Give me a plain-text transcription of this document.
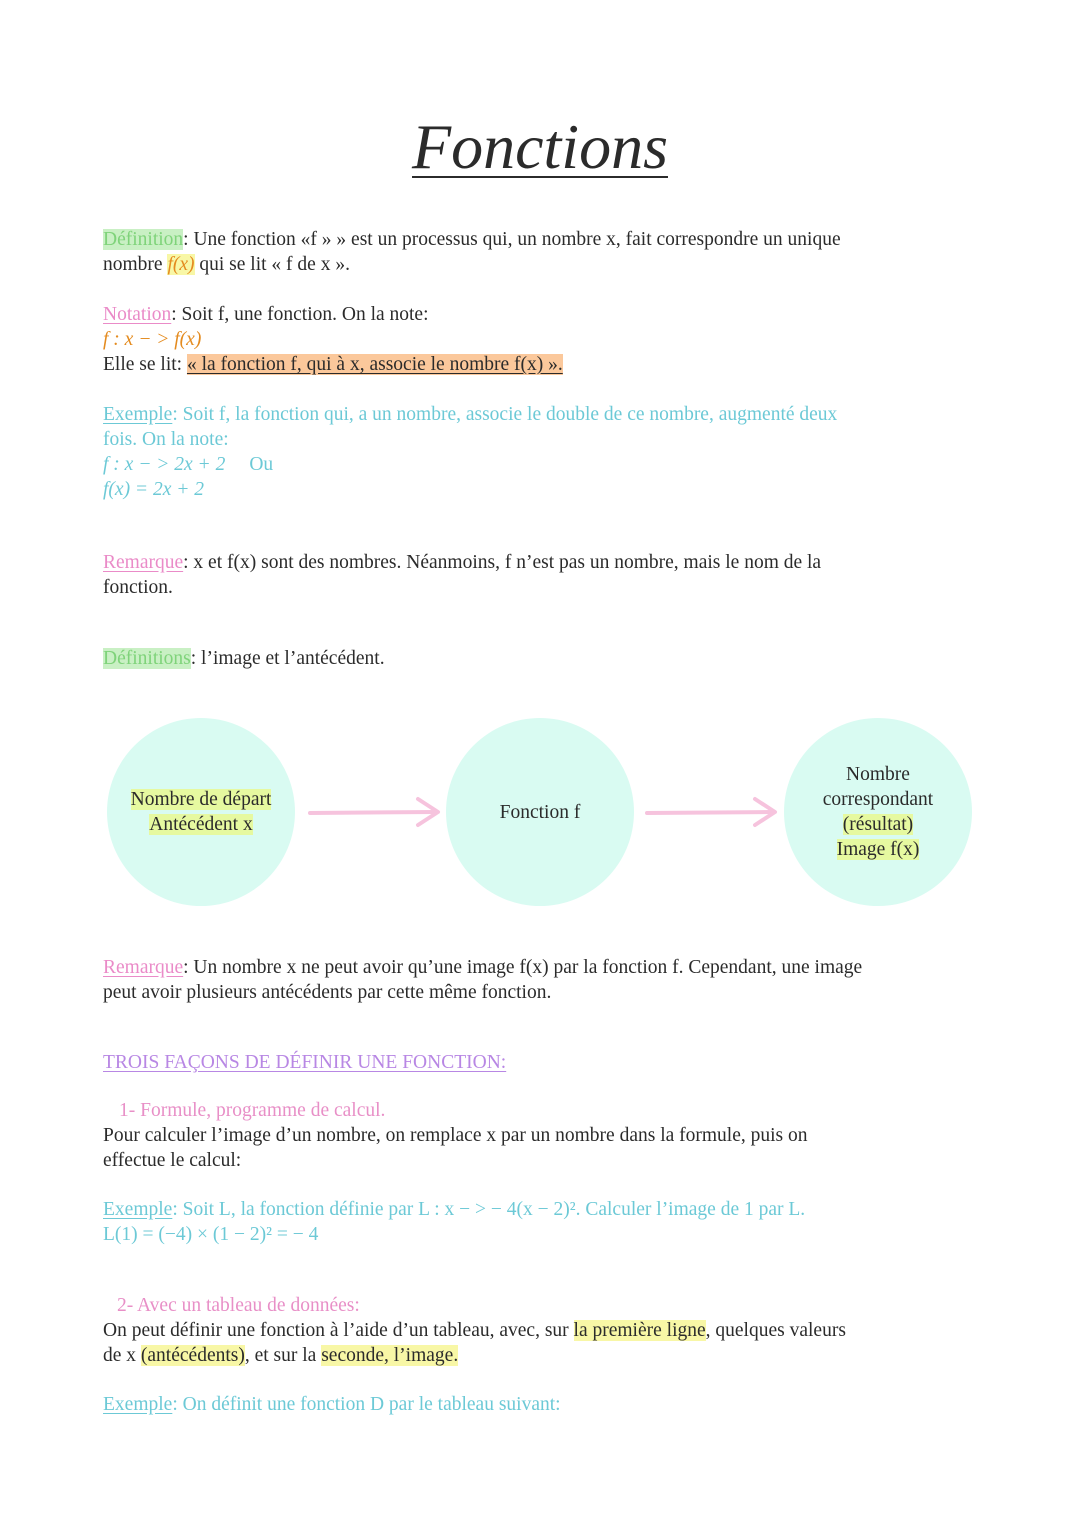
Fonctions
Définition: Une fonction «f » » est un processus qui, un nombre x, fait correspondre un unique
nombre f(x) qui se lit « f de x ».
Notation: Soit f, une fonction. On la note:
f : x − > f(x)
Elle se lit: « la fonction f, qui à x, associe le nombre f(x) ».
Exemple: Soit f, la fonction qui, a un nombre, associe le double de ce nombre, augmenté deux
fois. On la note:
f : x − > 2x + 2 Ou
f(x) = 2x + 2
Remarque: x et f(x) sont des nombres. Néanmoins, f n’est pas un nombre, mais le nom de la
fonction.
Définitions: l’image et l’antécédent.
Nombre de départ
Antécédent x
Fonction f
Nombre
correspondant
(résultat)
Image f(x)
Remarque: Un nombre x ne peut avoir qu’une image f(x) par la fonction f. Cependant, une image
peut avoir plusieurs antécédents par cette même fonction.
TROIS FAÇONS DE DÉFINIR UNE FONCTION:
1- Formule, programme de calcul.
Pour calculer l’image d’un nombre, on remplace x par un nombre dans la formule, puis on
effectue le calcul:
Exemple: Soit L, la fonction définie par L : x − > − 4(x − 2)². Calculer l’image de 1 par L.
L(1) = (−4) × (1 − 2)² = − 4
2- Avec un tableau de données:
On peut définir une fonction à l’aide d’un tableau, avec, sur la première ligne, quelques valeurs
de x (antécédents), et sur la seconde, l’image.
Exemple: On définit une fonction D par le tableau suivant:
